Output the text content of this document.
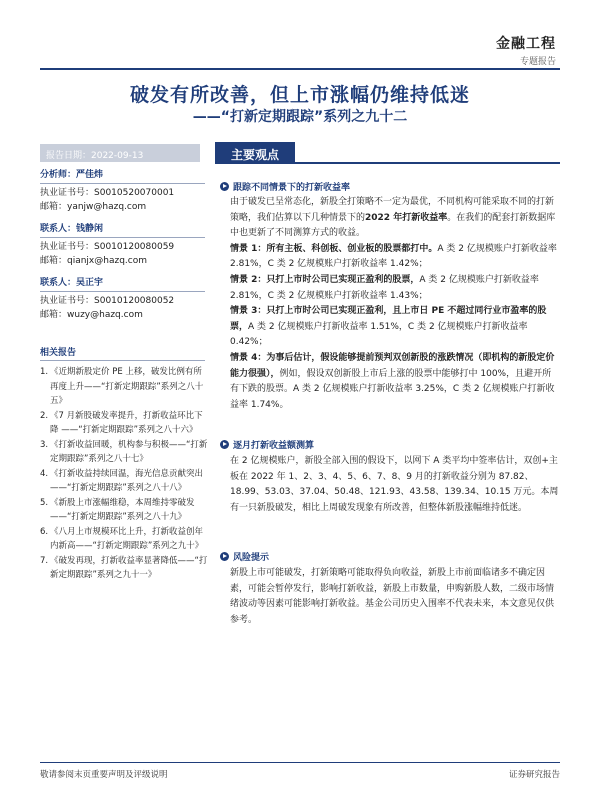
金融工程
专题报告
破发有所改善，但上市涨幅仍维持低迷
——“打新定期跟踪”系列之九十二
报告日期：2022-09-13	主要观点
分析师：严佳炜
执业证书号：S0010520070001
邮箱：yanjw@hazq.com
联系人：钱静闲
执业证书号：S0010120080059
邮箱：qianjx@hazq.com
联系人：吴正宇
执业证书号：S0010120080052
邮箱：wuzy@hazq.com
相关报告
1. 《近期新股定价 PE 上移，破发比例有所再度上升——“打新定期跟踪”系列之八十五》
2. 《7 月新股破发率提升，打新收益环比下降 ——“打新定期跟踪”系列之八十六》
3. 《打新收益回暖，机构参与积极——“打新定期跟踪”系列之八十七》
4. 《打新收益持续回温，海光信息贡献突出——“打新定期跟踪”系列之八十八》
5. 《新股上市涨幅维稳，本周维持零破发——“打新定期跟踪”系列之八十九》
6. 《八月上市规模环比上升，打新收益创年内新高——“打新定期跟踪”系列之九十》
7. 《破发再现，打新收益率显著降低——“打新定期跟踪”系列之九十一》
跟踪不同情景下的打新收益率
由于破发已呈常态化，新股全打策略不一定为最优，不同机构可能采取不同的打新策略，我们估算以下几种情景下的2022 年打新收益率。在我们的配套打新数据库中也更新了不同测算方式的收益。
情景 1：所有主板、科创板、创业板的股票都打中。A 类 2 亿规模账户打新收益率 2.81%，C 类 2 亿规模账户打新收益率 1.42%；
情景 2：只打上市时公司已实现正盈利的股票，A 类 2 亿规模账户打新收益率 2.81%，C 类 2 亿规模账户打新收益率 1.43%；
情景 3：只打上市时公司已实现正盈利，且上市日 PE 不超过同行业市盈率的股票，A 类 2 亿规模账户打新收益率 1.51%，C 类 2 亿规模账户打新收益率 0.42%；
情景 4：为事后估计，假设能够提前预判双创新股的涨跌情况（即机构的新股定价能力很强），例如，假设双创新股上市后上涨的股票中能够打中 100%，且避开所有下跌的股票。A 类 2 亿规模账户打新收益率 3.25%，C 类 2 亿规模账户打新收益率 1.74%。
逐月打新收益额测算
在 2 亿规模账户，新股全部入围的假设下，以网下 A 类平均中签率估计，双创+主板在 2022 年 1、2、3、4、5、6、7、8、9 月的打新收益分别为 87.82、18.99、53.03、37.04、50.48、121.93、43.58、139.34、10.15 万元。本周有一只新股破发，相比上周破发现象有所改善，但整体新股涨幅维持低迷。
风险提示
新股上市可能破发，打新策略可能取得负向收益，新股上市前面临诸多不确定因素，可能会暂停发行，影响打新收益，新股上市数量，申购新股人数，二级市场情绪波动等因素可能影响打新收益。基金公司历史入围率不代表未来，本文意见仅供参考。
敬请参阅末页重要声明及评级说明	证券研究报告
